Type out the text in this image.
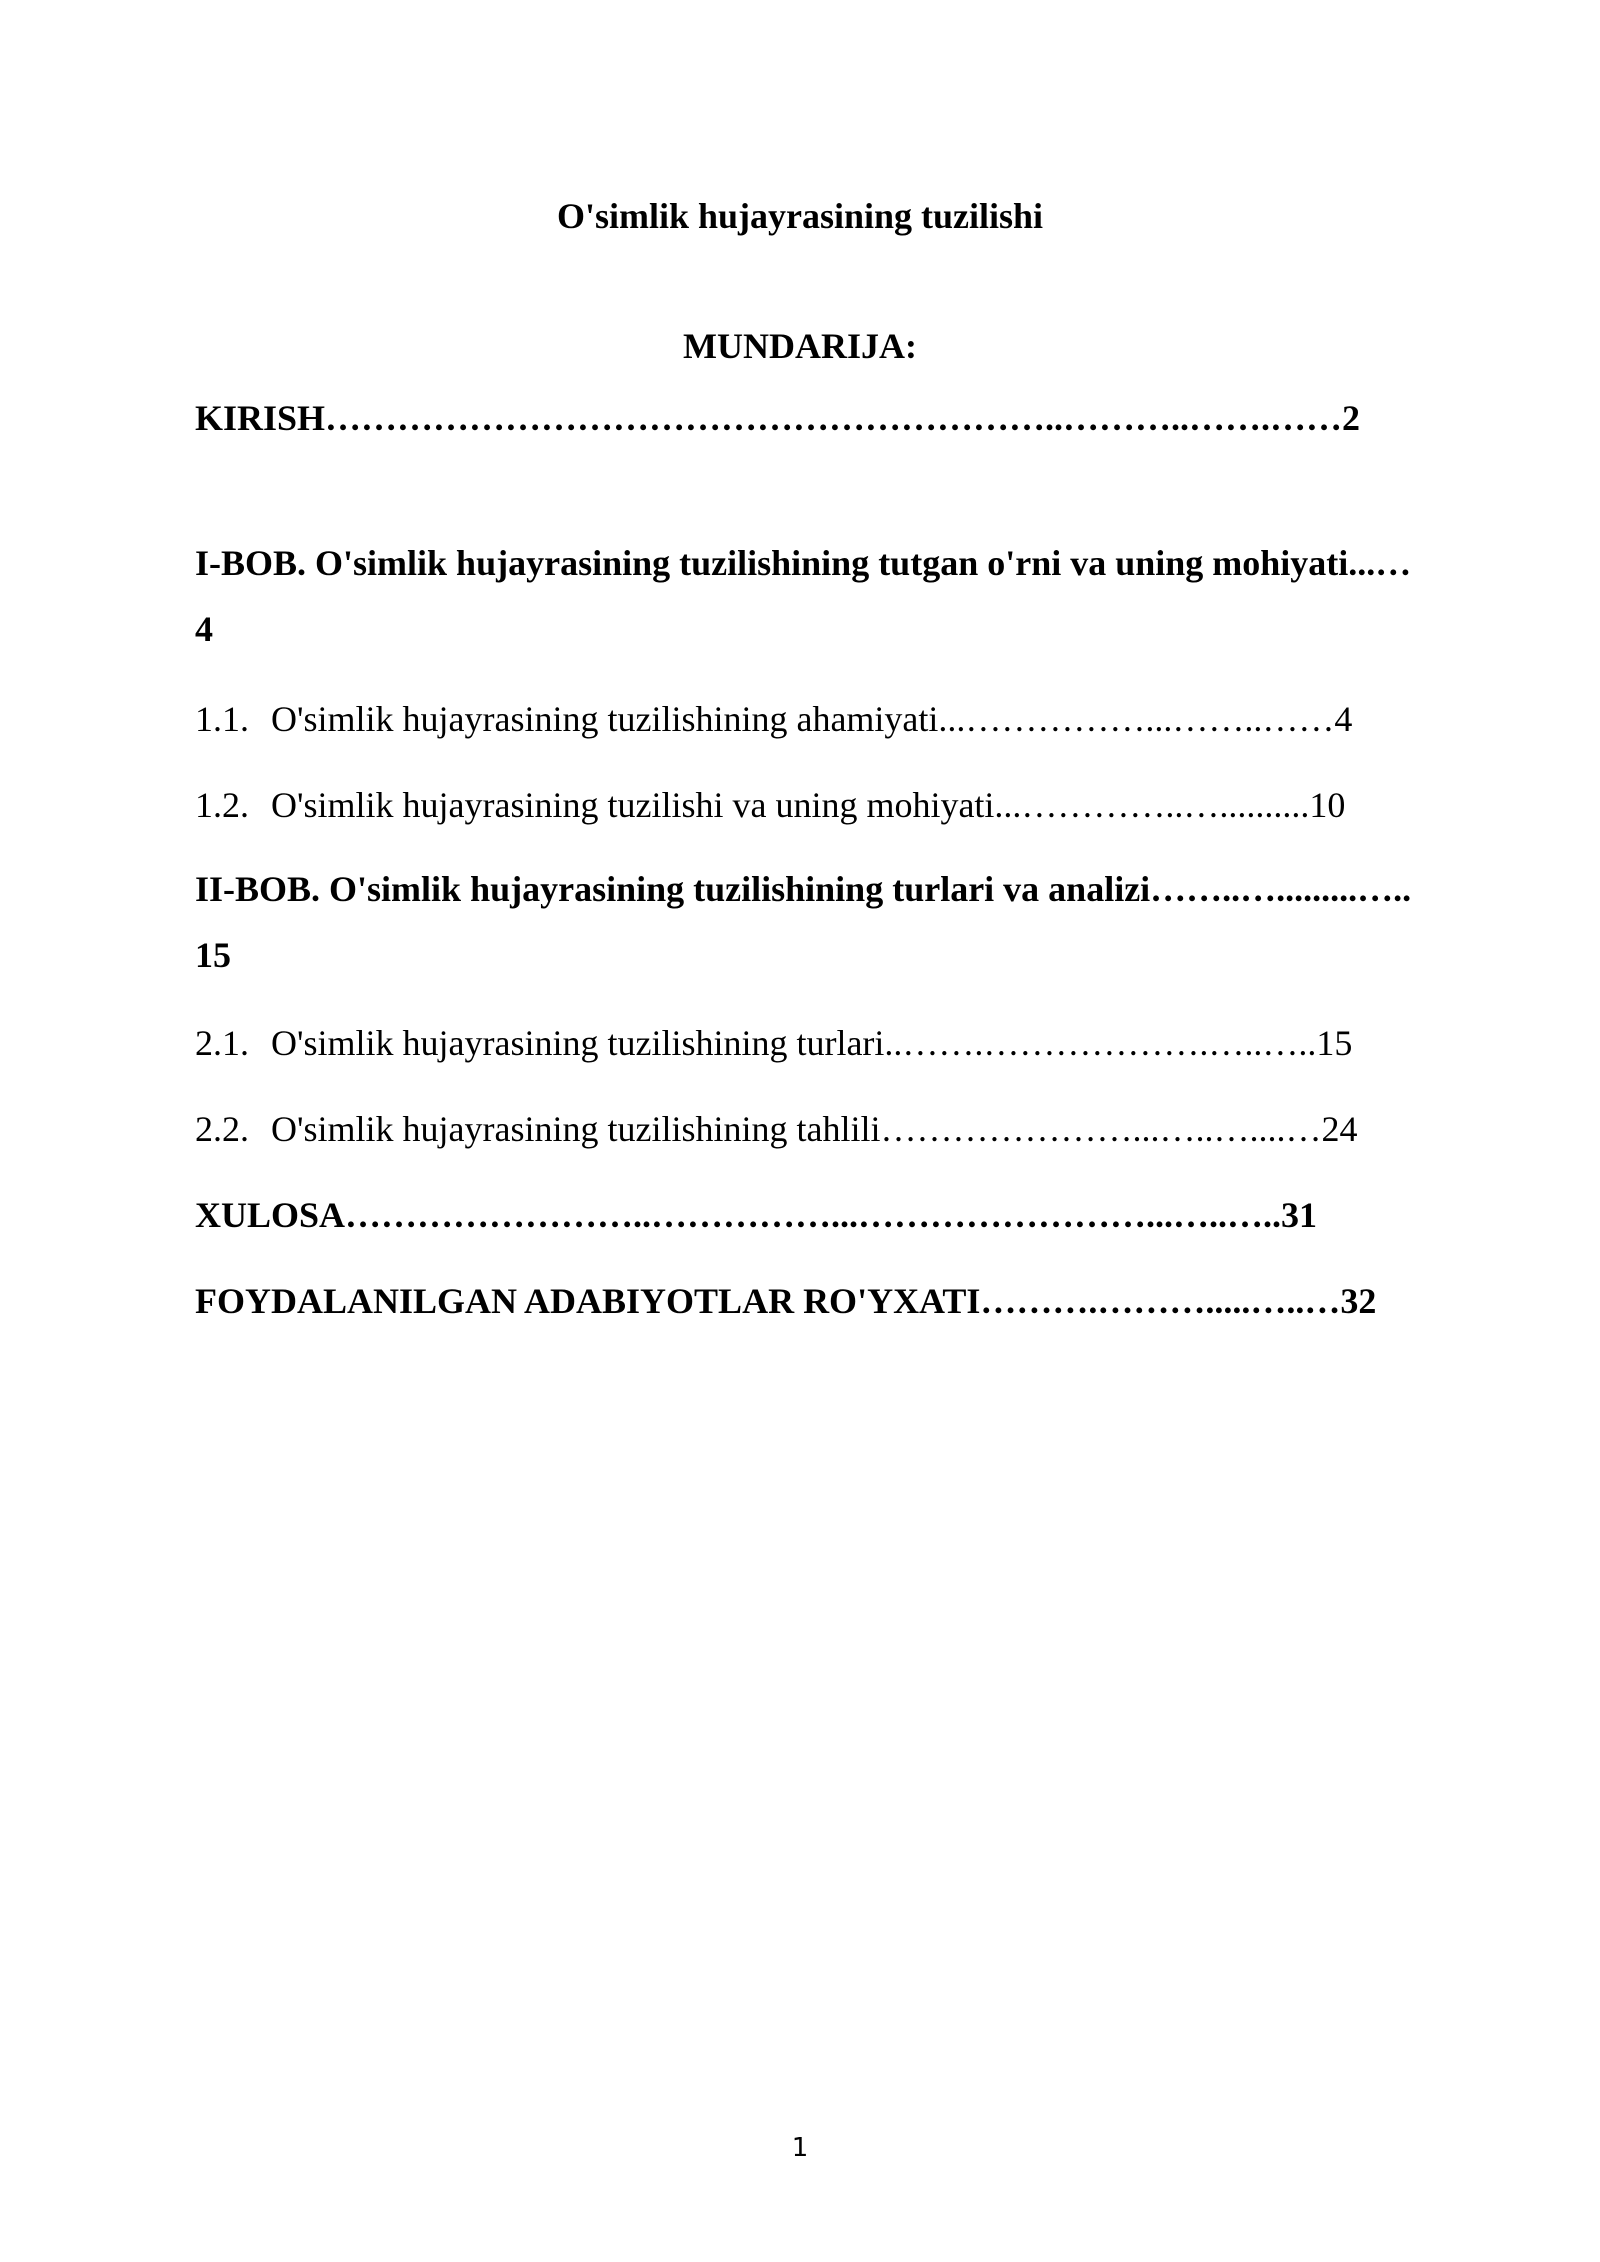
O'simlik hujayrasining tuzilishi
MUNDARIJA:
KIRISH……………………………………………………..………..…….……2
I-BOB. O'simlik hujayrasining tuzilishining tutgan o'rni va uning mohiyati...…4
1.1. O'simlik hujayrasining tuzilishining ahamiyati...……………...……..……4
1.2. O'simlik hujayrasining tuzilishi va uning mohiyati...…………..…..........10
II-BOB. O'simlik hujayrasining tuzilishining turlari va analizi……..….........…..15
2.1. O'simlik hujayrasining tuzilishining turlari..…….……………….…..…..15
2.2. O'simlik hujayrasining tuzilishining tahlili…………………...…..…....…24
XULOSA……………………..……………...……………………...…..…..31
FOYDALANILGAN ADABIYOTLAR RO'YXATI……….……….....…..…32
1
